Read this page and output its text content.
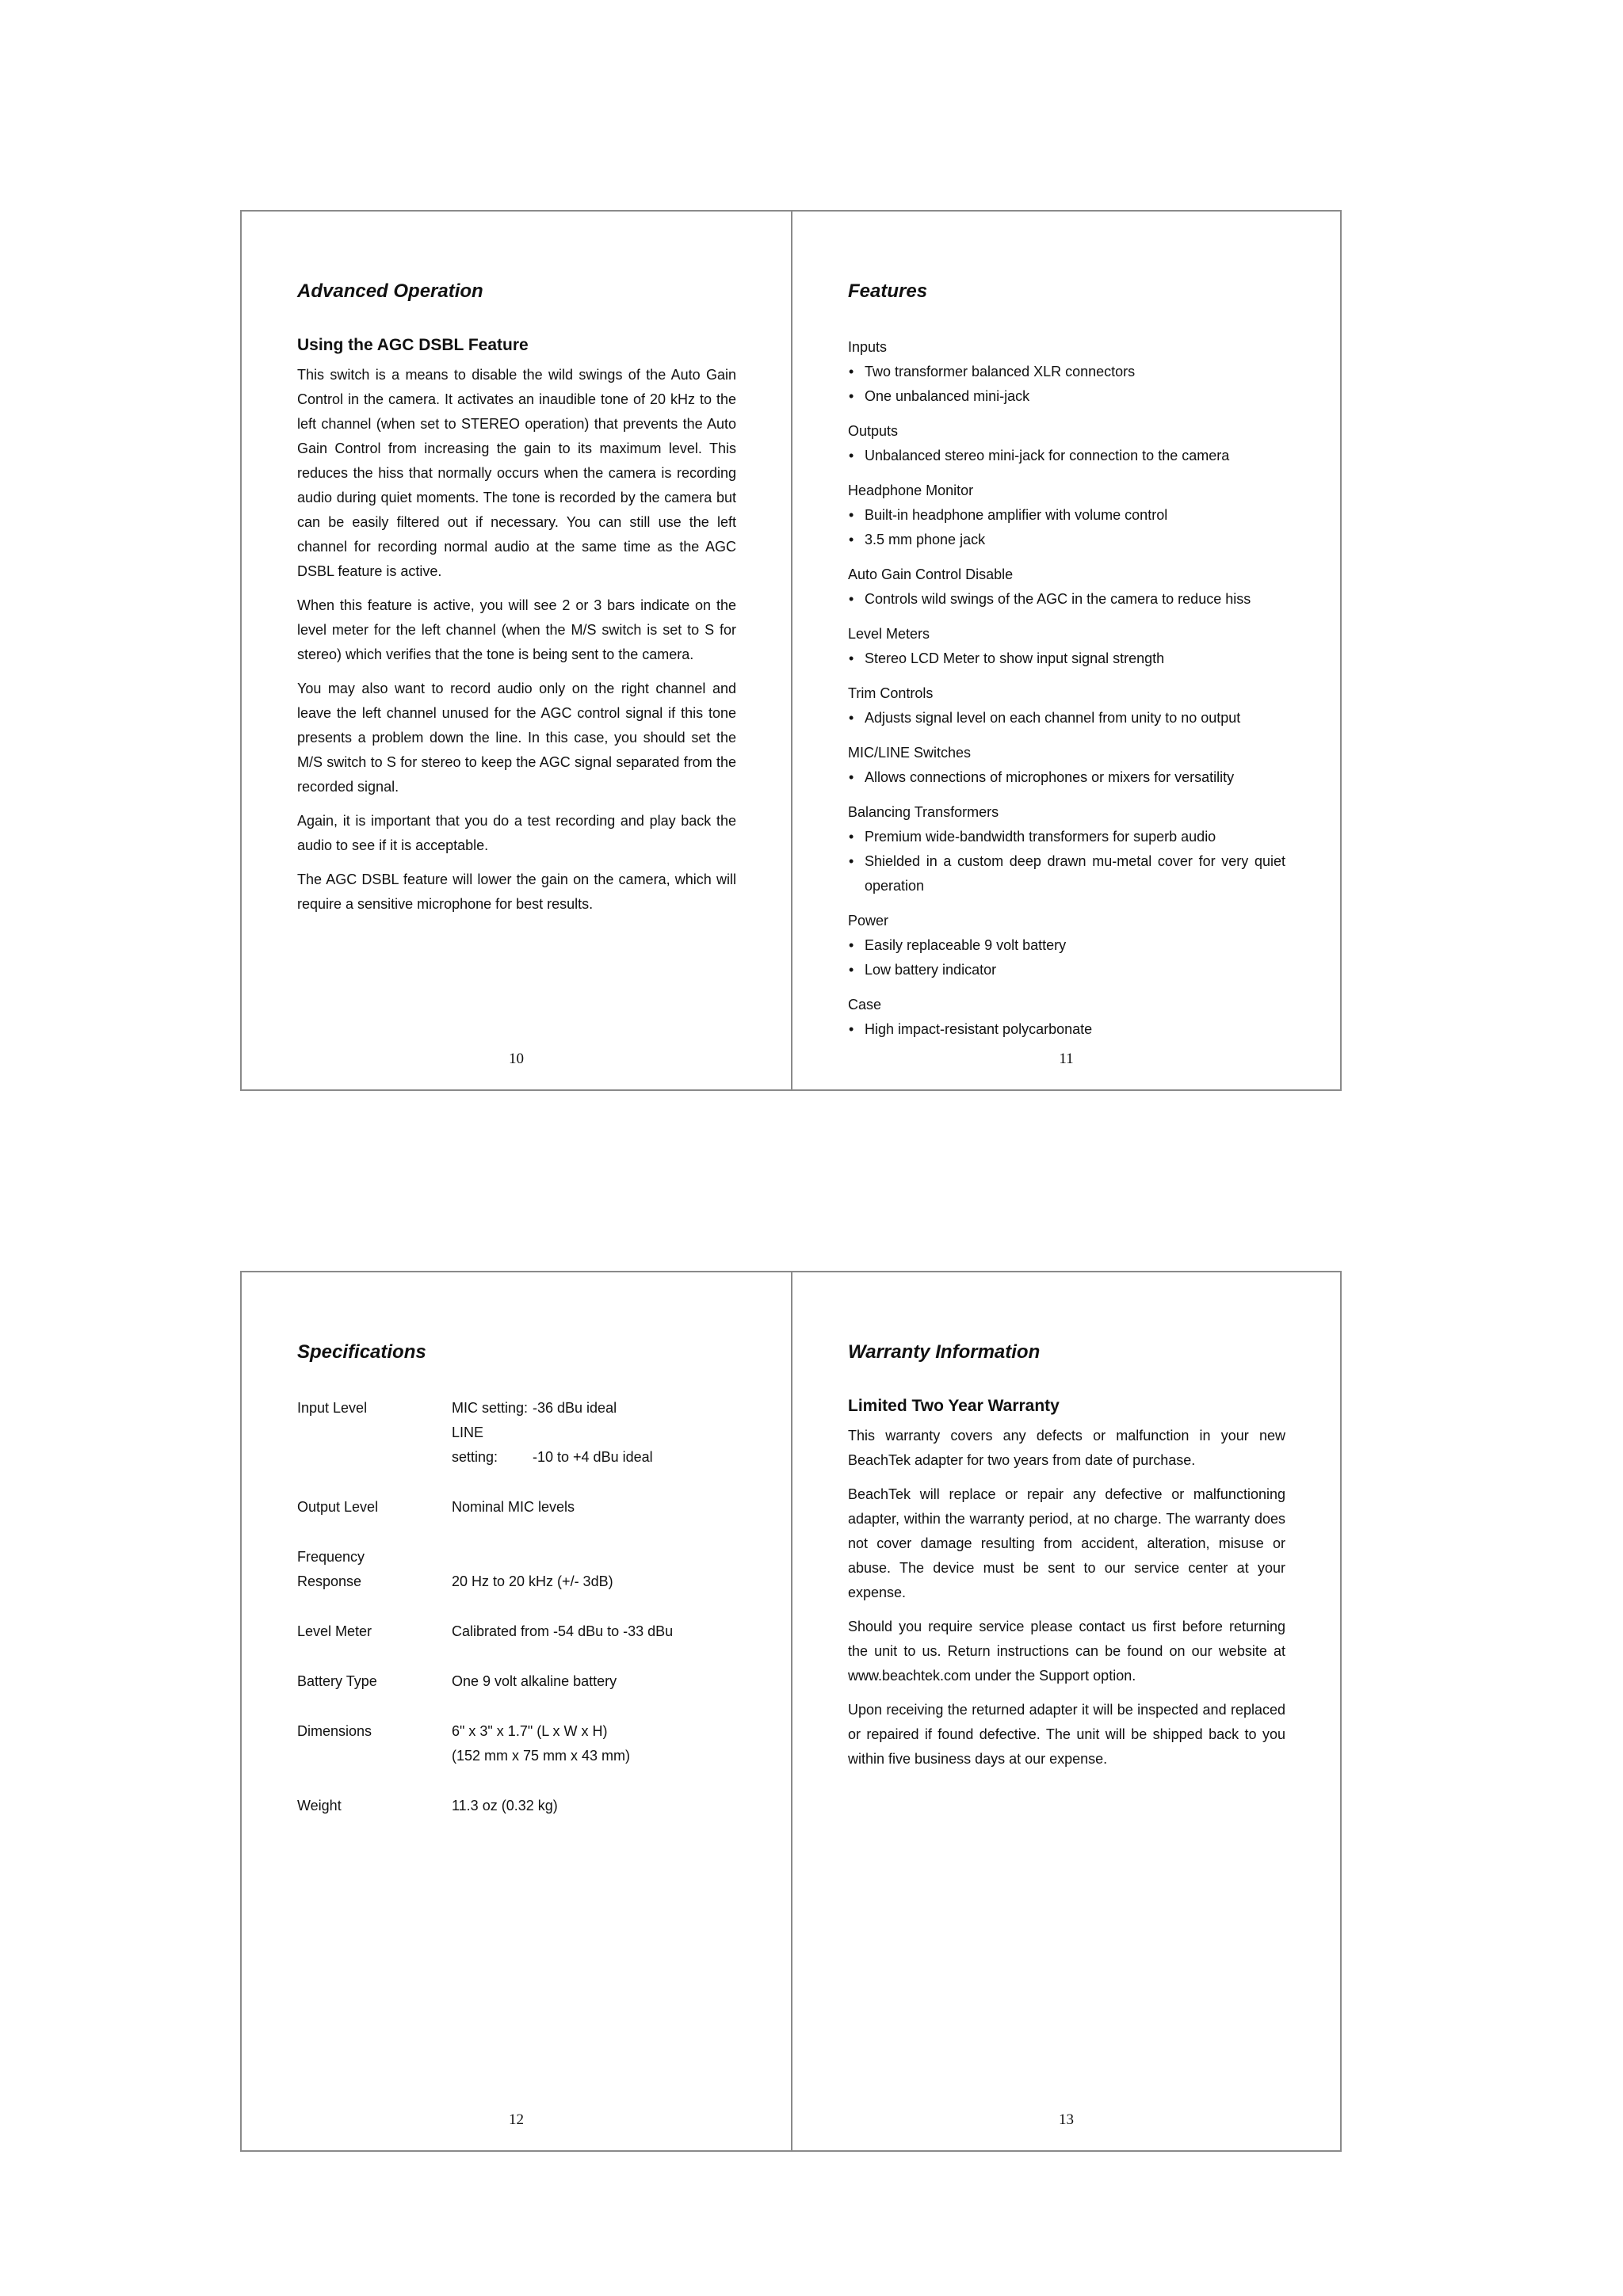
Advanced Operation
Using the AGC DSBL Feature

This switch is a means to disable the wild swings of the Auto Gain Control in the camera. It activates an inaudible tone of 20 kHz to the left channel (when set to STEREO operation) that prevents the Auto Gain Control from increasing the gain to its maximum level. This reduces the hiss that normally occurs when the camera is recording audio during quiet moments. The tone is recorded by the camera but can be easily filtered out if necessary. You can still use the left channel for recording normal audio at the same time as the AGC DSBL feature is active.

When this feature is active, you will see 2 or 3 bars indicate on the level meter for the left channel (when the M/S switch is set to S for stereo) which verifies that the tone is being sent to the camera.

You may also want to record audio only on the right channel and leave the left channel unused for the AGC control signal if this tone presents a problem down the line. In this case, you should set the M/S switch to S for stereo to keep the AGC signal separated from the recorded signal.

Again, it is important that you do a test recording and play back the audio to see if it is acceptable.

The AGC DSBL feature will lower the gain on the camera, which will require a sensitive microphone for best results.

10
Features
Inputs
• Two transformer balanced XLR connectors
• One unbalanced mini-jack
Outputs
• Unbalanced stereo mini-jack for connection to the camera
Headphone Monitor
• Built-in headphone amplifier with volume control
• 3.5 mm phone jack
Auto Gain Control Disable
• Controls wild swings of the AGC in the camera to reduce hiss
Level Meters
• Stereo LCD Meter to show input signal strength
Trim Controls
• Adjusts signal level on each channel from unity to no output
MIC/LINE Switches
• Allows connections of microphones or mixers for versatility
Balancing Transformers
• Premium wide-bandwidth transformers for superb audio
• Shielded in a custom deep drawn mu-metal cover for very quiet operation
Power
• Easily replaceable 9 volt battery
• Low battery indicator
Case
• High impact-resistant polycarbonate
11
Specifications
Input Level	MIC setting: -36 dBu ideal
LINE setting: -10 to +4 dBu ideal

Output Level	Nominal MIC levels

Frequency
Response	20 Hz to 20 kHz (+/- 3dB)

Level Meter	Calibrated from -54 dBu to -33 dBu
Battery Type	One 9 volt alkaline battery
Dimensions	6" x 3" x 1.7" (L x W x H)
(152 mm x 75 mm x 43 mm)

Weight	11.3 oz (0.32 kg)
12
Warranty Information
Limited Two Year Warranty

This warranty covers any defects or malfunction in your new BeachTek adapter for two years from date of purchase.

BeachTek will replace or repair any defective or malfunctioning adapter, within the warranty period, at no charge. The warranty does not cover damage resulting from accident, alteration, misuse or abuse. The device must be sent to our service center at your expense.

Should you require service please contact us first before returning the unit to us. Return instructions can be found on our website at www.beachtek.com under the Support option.

Upon receiving the returned adapter it will be inspected and replaced or repaired if found defective. The unit will be shipped back to you within five business days at our expense.

13
